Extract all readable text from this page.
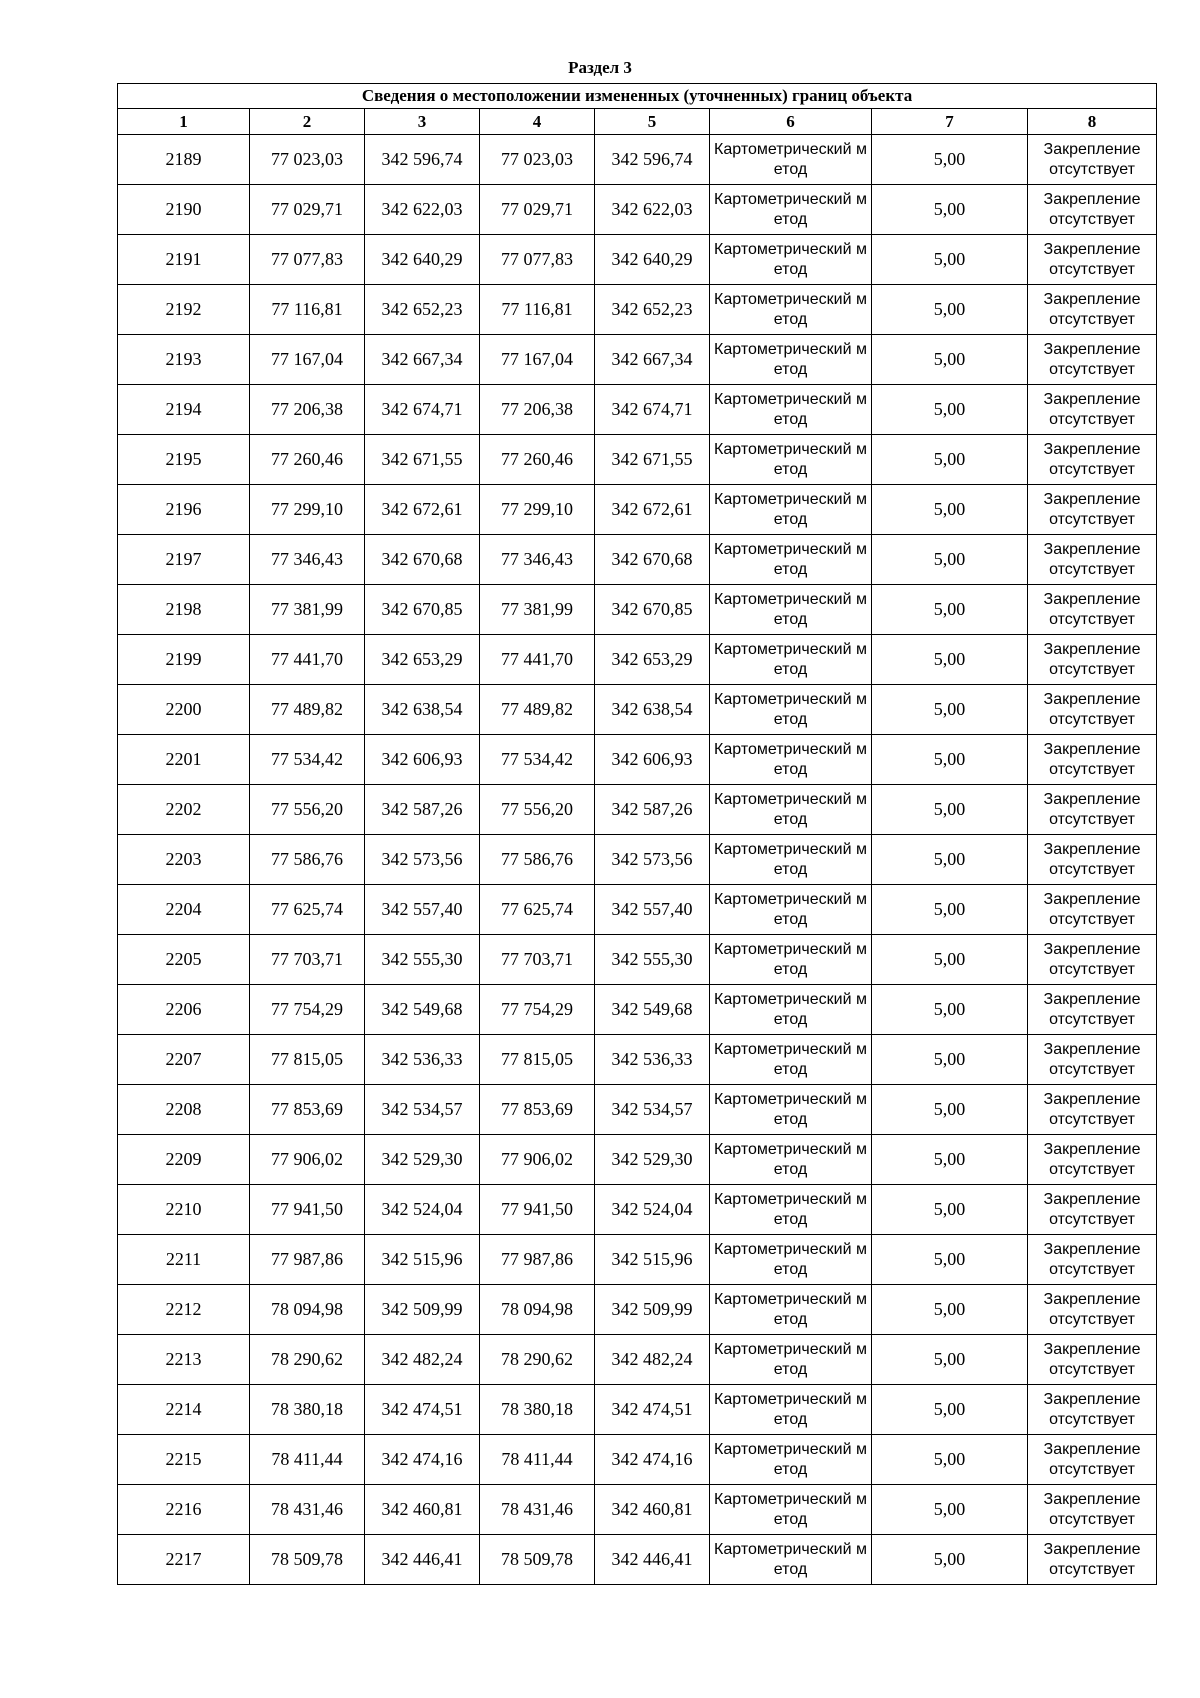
Раздел 3
Сведения о местоположении измененных (уточненных) границ объекта							
1	2	3	4	5	6	7	8
2189	77 023,03	342 596,74	77 023,03	342 596,74	Картометрический метод	5,00	Закрепление отсутствует
2190	77 029,71	342 622,03	77 029,71	342 622,03	Картометрический метод	5,00	Закрепление отсутствует
2191	77 077,83	342 640,29	77 077,83	342 640,29	Картометрический метод	5,00	Закрепление отсутствует
2192	77 116,81	342 652,23	77 116,81	342 652,23	Картометрический метод	5,00	Закрепление отсутствует
2193	77 167,04	342 667,34	77 167,04	342 667,34	Картометрический метод	5,00	Закрепление отсутствует
2194	77 206,38	342 674,71	77 206,38	342 674,71	Картометрический метод	5,00	Закрепление отсутствует
2195	77 260,46	342 671,55	77 260,46	342 671,55	Картометрический метод	5,00	Закрепление отсутствует
2196	77 299,10	342 672,61	77 299,10	342 672,61	Картометрический метод	5,00	Закрепление отсутствует
2197	77 346,43	342 670,68	77 346,43	342 670,68	Картометрический метод	5,00	Закрепление отсутствует
2198	77 381,99	342 670,85	77 381,99	342 670,85	Картометрический метод	5,00	Закрепление отсутствует
2199	77 441,70	342 653,29	77 441,70	342 653,29	Картометрический метод	5,00	Закрепление отсутствует
2200	77 489,82	342 638,54	77 489,82	342 638,54	Картометрический метод	5,00	Закрепление отсутствует
2201	77 534,42	342 606,93	77 534,42	342 606,93	Картометрический метод	5,00	Закрепление отсутствует
2202	77 556,20	342 587,26	77 556,20	342 587,26	Картометрический метод	5,00	Закрепление отсутствует
2203	77 586,76	342 573,56	77 586,76	342 573,56	Картометрический метод	5,00	Закрепление отсутствует
2204	77 625,74	342 557,40	77 625,74	342 557,40	Картометрический метод	5,00	Закрепление отсутствует
2205	77 703,71	342 555,30	77 703,71	342 555,30	Картометрический метод	5,00	Закрепление отсутствует
2206	77 754,29	342 549,68	77 754,29	342 549,68	Картометрический метод	5,00	Закрепление отсутствует
2207	77 815,05	342 536,33	77 815,05	342 536,33	Картометрический метод	5,00	Закрепление отсутствует
2208	77 853,69	342 534,57	77 853,69	342 534,57	Картометрический метод	5,00	Закрепление отсутствует
2209	77 906,02	342 529,30	77 906,02	342 529,30	Картометрический метод	5,00	Закрепление отсутствует
2210	77 941,50	342 524,04	77 941,50	342 524,04	Картометрический метод	5,00	Закрепление отсутствует
2211	77 987,86	342 515,96	77 987,86	342 515,96	Картометрический метод	5,00	Закрепление отсутствует
2212	78 094,98	342 509,99	78 094,98	342 509,99	Картометрический метод	5,00	Закрепление отсутствует
2213	78 290,62	342 482,24	78 290,62	342 482,24	Картометрический метод	5,00	Закрепление отсутствует
2214	78 380,18	342 474,51	78 380,18	342 474,51	Картометрический метод	5,00	Закрепление отсутствует
2215	78 411,44	342 474,16	78 411,44	342 474,16	Картометрический метод	5,00	Закрепление отсутствует
2216	78 431,46	342 460,81	78 431,46	342 460,81	Картометрический метод	5,00	Закрепление отсутствует
2217	78 509,78	342 446,41	78 509,78	342 446,41	Картометрический метод	5,00	Закрепление отсутствует
